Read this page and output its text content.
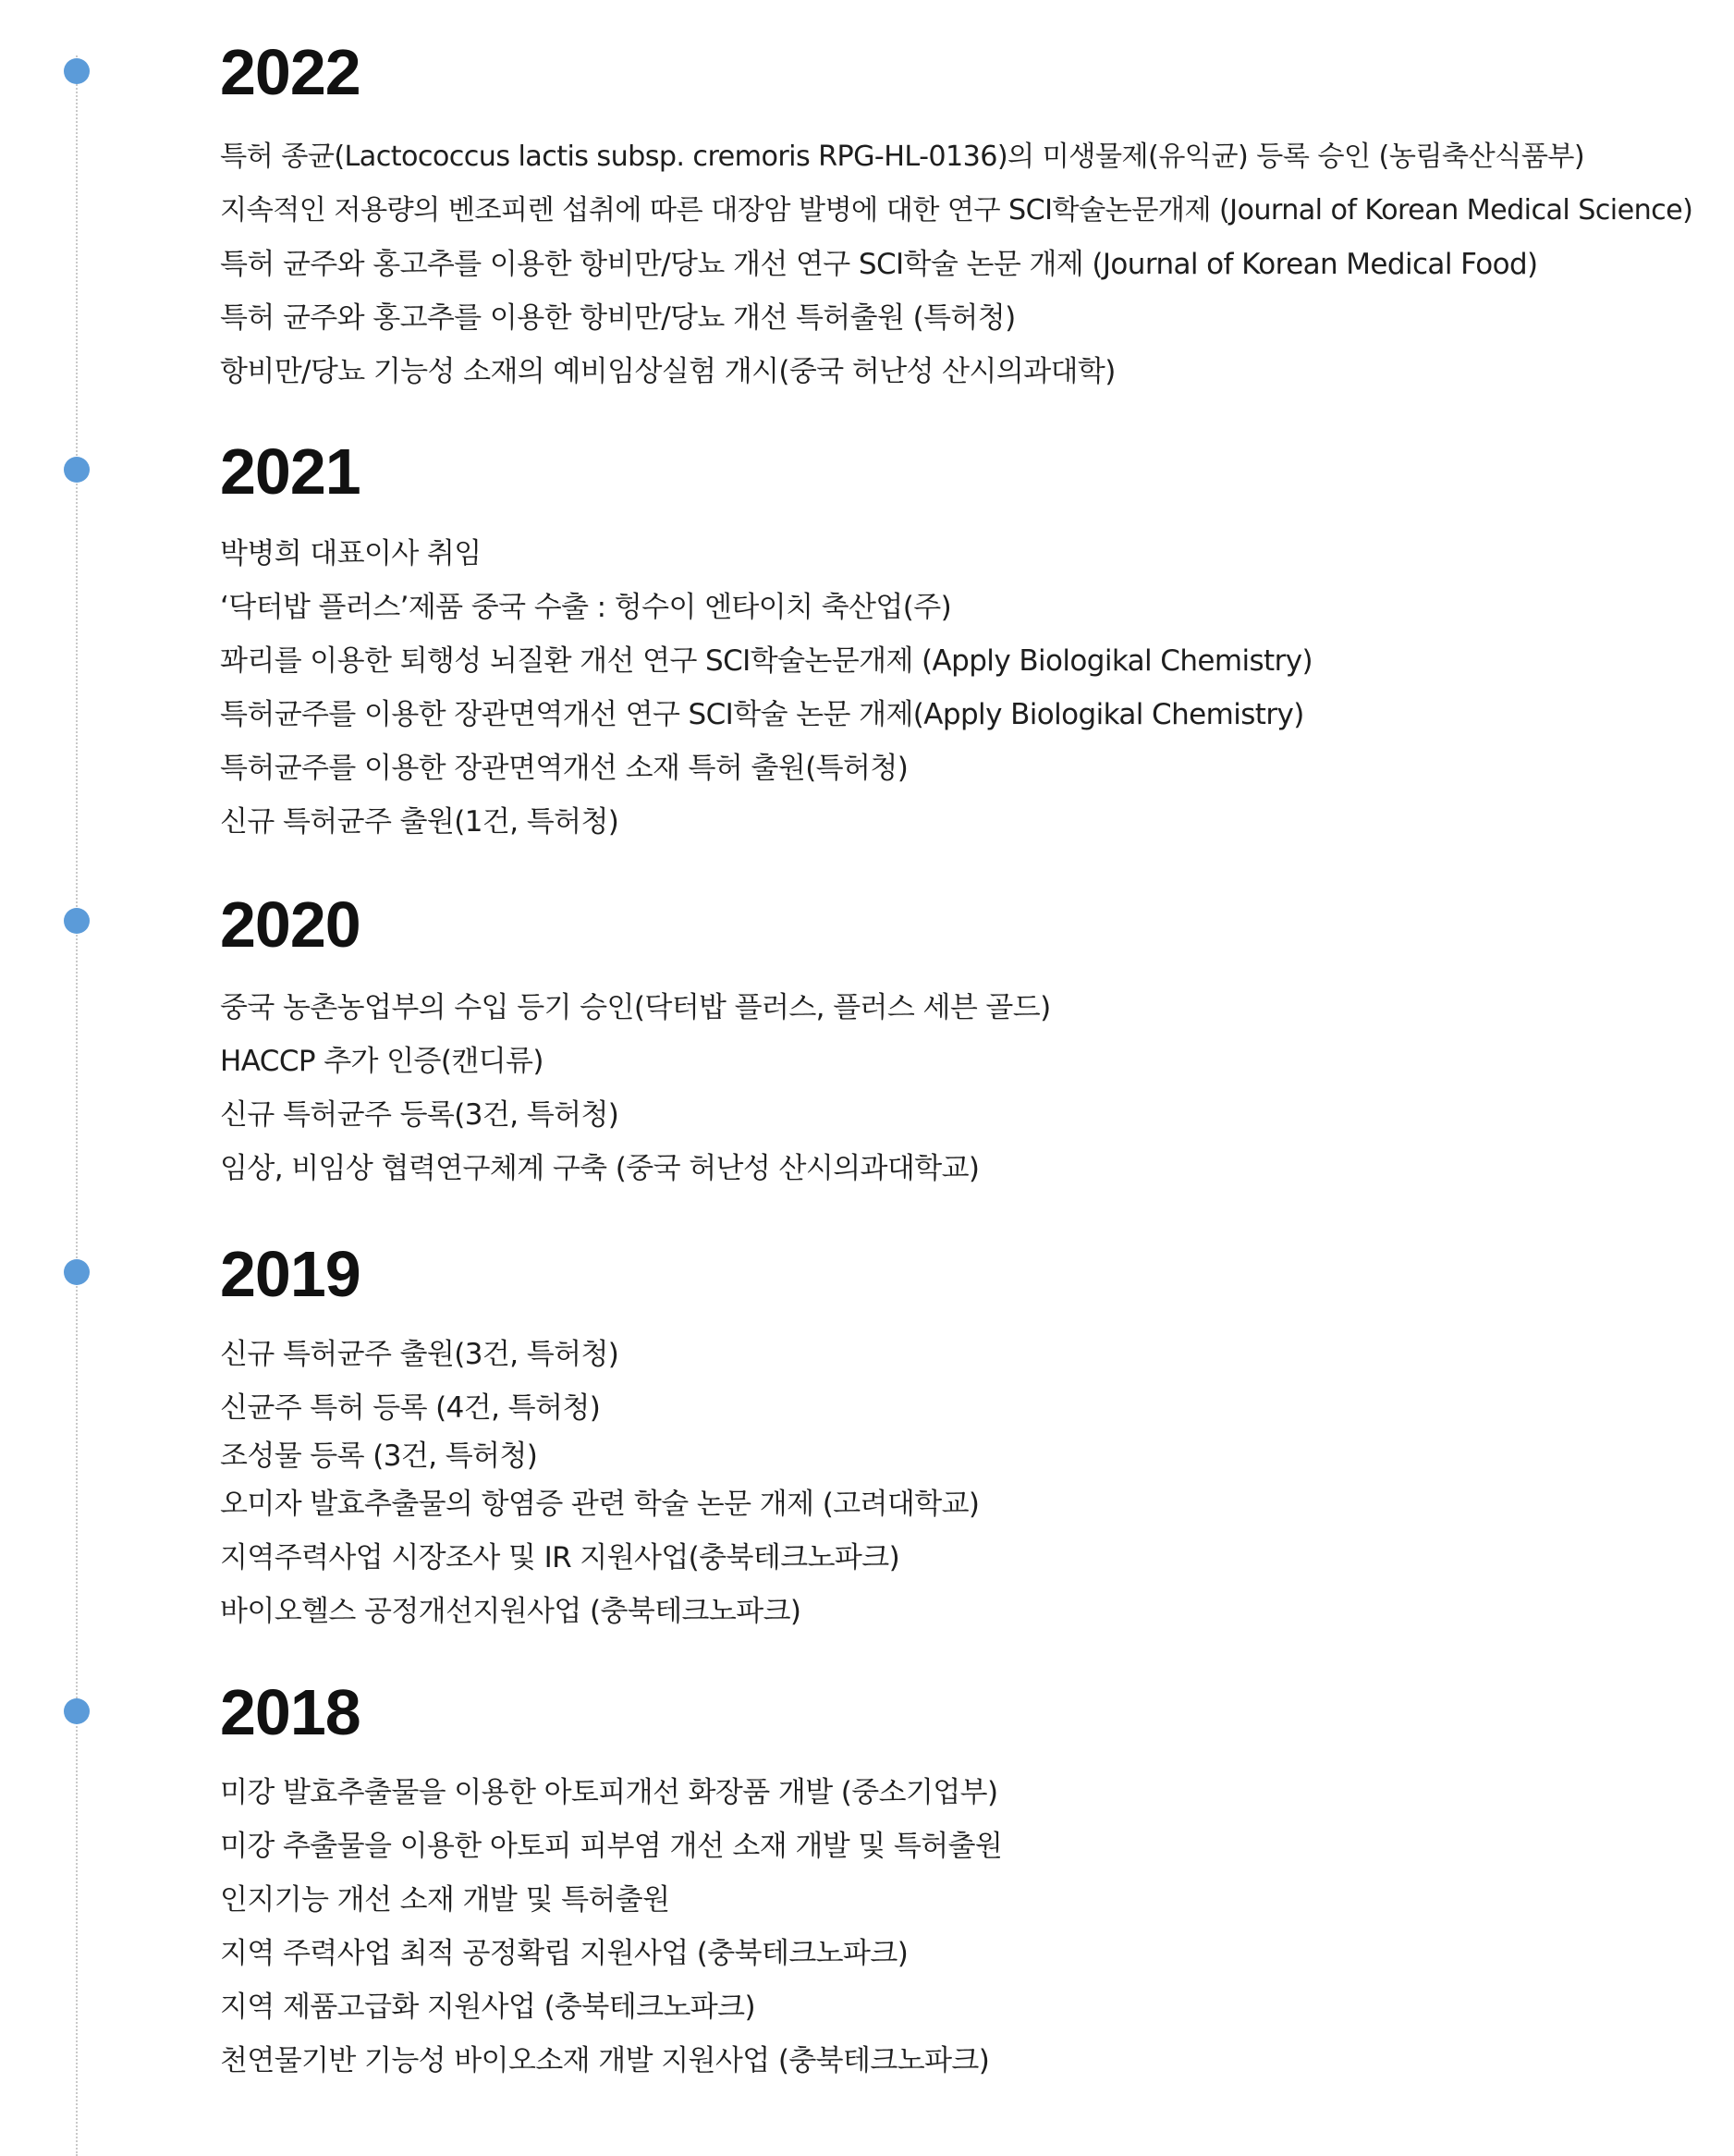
2022
특허 종균(Lactococcus lactis subsp. cremoris RPG-HL-0136)의 미생물제(유익균) 등록 승인 (농림축산식품부)
지속적인 저용량의 벤조피렌 섭취에 따른 대장암 발병에 대한 연구 SCI학술논문개제 (Journal of Korean Medical Science)
특허 균주와 홍고추를 이용한 항비만/당뇨 개선 연구 SCI학술 논문 개제 (Journal of Korean Medical Food)
특허 균주와 홍고추를 이용한 항비만/당뇨 개선 특허출원 (특허청)
항비만/당뇨 기능성 소재의 예비임상실험 개시(중국 허난성 산시의과대학)
2021
박병희 대표이사 취임
‘닥터밥 플러스’제품 중국 수출 : 헝수이 엔타이치 축산업(주)
꽈리를 이용한 퇴행성 뇌질환 개선 연구 SCI학술논문개제 (Apply Biologikal Chemistry)
특허균주를 이용한 장관면역개선 연구 SCI학술 논문 개제(Apply Biologikal Chemistry)
특허균주를 이용한 장관면역개선 소재 특허 출원(특허청)
신규 특허균주 출원(1건, 특허청)
2020
중국 농촌농업부의 수입 등기 승인(닥터밥 플러스, 플러스 세븐 골드)
HACCP 추가 인증(캔디류)
신규 특허균주 등록(3건, 특허청)
임상, 비임상 협력연구체계 구축 (중국 허난성 산시의과대학교)
2019
신규 특허균주 출원(3건, 특허청)
신균주 특허 등록 (4건, 특허청)
조성물 등록 (3건, 특허청)
오미자 발효추출물의 항염증 관련 학술 논문 개제 (고려대학교)
지역주력사업 시장조사 및 IR 지원사업(충북테크노파크)
바이오헬스 공정개선지원사업 (충북테크노파크)
2018
미강 발효추출물을 이용한 아토피개선 화장품 개발 (중소기업부)
미강 추출물을 이용한 아토피 피부염 개선 소재 개발 및 특허출원
인지기능 개선 소재 개발 및 특허출원
지역 주력사업 최적 공정확립 지원사업 (충북테크노파크)
지역 제품고급화 지원사업 (충북테크노파크)
천연물기반 기능성 바이오소재 개발 지원사업 (충북테크노파크)
